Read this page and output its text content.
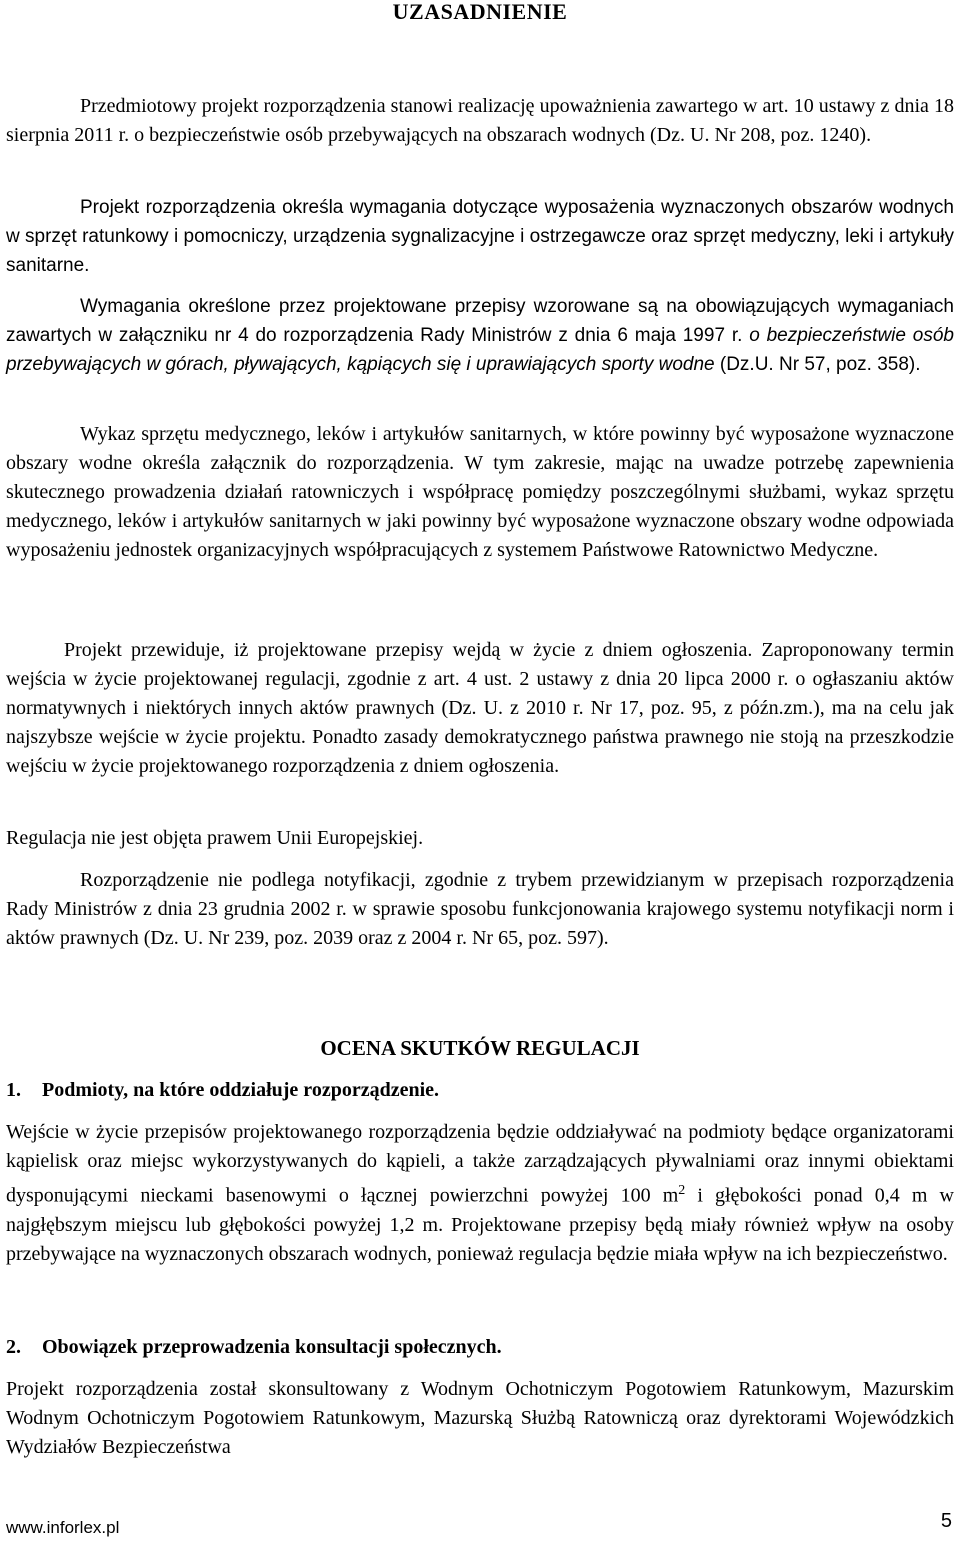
UZASADNIENIE

Przedmiotowy projekt rozporządzenia stanowi realizację upoważnienia zawartego w art. 10 ustawy z dnia 18 sierpnia 2011 r. o bezpieczeństwie osób przebywających na obszarach wodnych (Dz. U. Nr 208, poz. 1240).

Projekt rozporządzenia określa wymagania dotyczące wyposażenia wyznaczonych obszarów wodnych w sprzęt ratunkowy i pomocniczy, urządzenia sygnalizacyjne i ostrzegawcze oraz sprzęt medyczny, leki i artykuły sanitarne.

Wymagania określone przez projektowane przepisy wzorowane są na obowiązujących wymaganiach zawartych w załączniku nr 4 do rozporządzenia Rady Ministrów z dnia 6 maja 1997 r. o bezpieczeństwie osób przebywających w górach, pływających, kąpiących się i uprawiających sporty wodne (Dz.U. Nr 57, poz. 358).

Wykaz sprzętu medycznego, leków i artykułów sanitarnych, w które powinny być wyposażone wyznaczone obszary wodne określa załącznik do rozporządzenia. W tym zakresie, mając na uwadze potrzebę zapewnienia skutecznego prowadzenia działań ratowniczych i współpracę pomiędzy poszczególnymi służbami, wykaz sprzętu medycznego, leków i artykułów sanitarnych w jaki powinny być wyposażone wyznaczone obszary wodne odpowiada wyposażeniu jednostek organizacyjnych współpracujących z systemem Państwowe Ratownictwo Medyczne.

Projekt przewiduje, iż projektowane przepisy wejdą w życie z dniem ogłoszenia. Zaproponowany termin wejścia w życie projektowanej regulacji, zgodnie z art. 4 ust. 2 ustawy z dnia 20 lipca 2000 r. o ogłaszaniu aktów normatywnych i niektórych innych aktów prawnych (Dz. U. z 2010 r. Nr 17, poz. 95, z późn.zm.), ma na celu jak najszybsze wejście w życie projektu. Ponadto zasady demokratycznego państwa prawnego nie stoją na przeszkodzie wejściu w życie projektowanego rozporządzenia z dniem ogłoszenia.

Regulacja nie jest objęta prawem Unii Europejskiej.

Rozporządzenie nie podlega notyfikacji, zgodnie z trybem przewidzianym w przepisach rozporządzenia Rady Ministrów z dnia 23 grudnia 2002 r. w sprawie sposobu funkcjonowania krajowego systemu notyfikacji norm i aktów prawnych (Dz. U. Nr 239, poz. 2039 oraz z 2004 r. Nr 65, poz. 597).

OCENA SKUTKÓW REGULACJI
1. Podmioty, na które oddziałuje rozporządzenie.

Wejście w życie przepisów projektowanego rozporządzenia będzie oddziaływać na podmioty będące organizatorami kąpielisk oraz miejsc wykorzystywanych do kąpieli, a także zarządzających pływalniami oraz innymi obiektami dysponującymi nieckami basenowymi o łącznej powierzchni powyżej 100 $m^2$ i głębokości ponad 0,4 m w najgłębszym miejscu lub głębokości powyżej 1,2 m. Projektowane przepisy będą miały również wpływ na osoby przebywające na wyznaczonych obszarach wodnych, ponieważ regulacja będzie miała wpływ na ich bezpieczeństwo.

2. Obowiązek przeprowadzenia konsultacji społecznych.

Projekt rozporządzenia został skonsultowany z Wodnym Ochotniczym Pogotowiem Ratunkowym, Mazurskim Wodnym Ochotniczym Pogotowiem Ratunkowym, Mazurską Służbą Ratowniczą oraz dyrektorami Wojewódzkich Wydziałów Bezpieczeństwa

www.inforlex.pl	5
